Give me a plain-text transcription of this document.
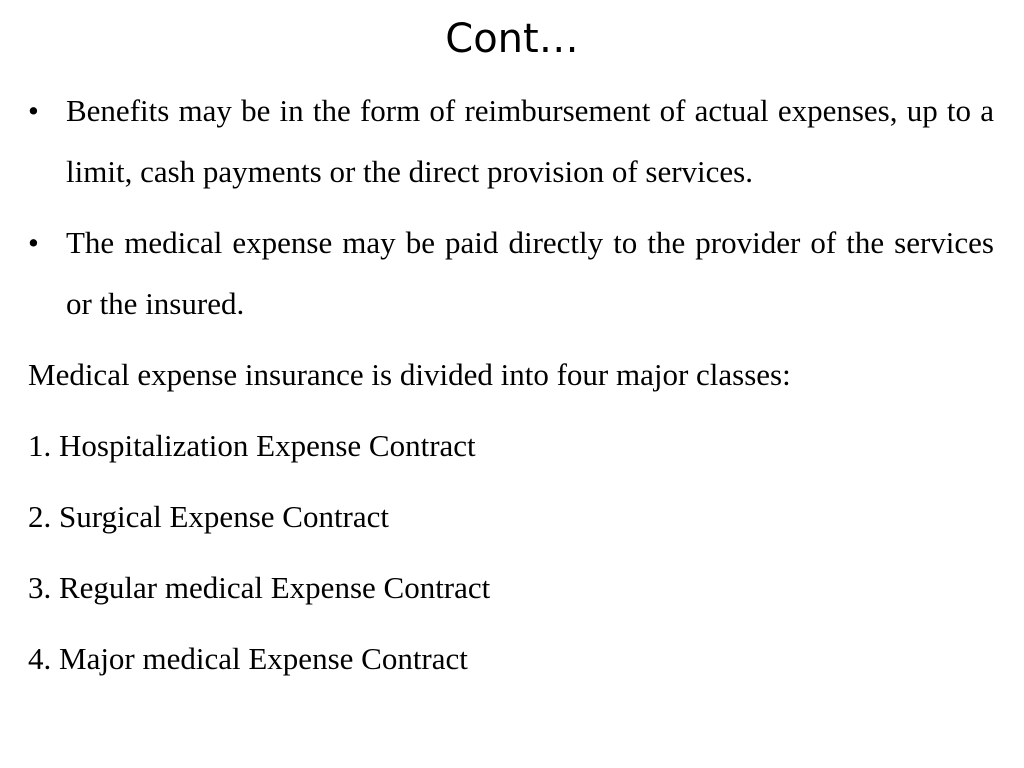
Cont…
• Benefits may be in the form of reimbursement of actual expenses, up to a limit, cash payments or the direct provision of services.
• The medical expense may be paid directly to the provider of the services or the insured.
Medical expense insurance is divided into four major classes:
1. Hospitalization Expense Contract
2. Surgical Expense Contract
3. Regular medical Expense Contract
4. Major medical Expense Contract
